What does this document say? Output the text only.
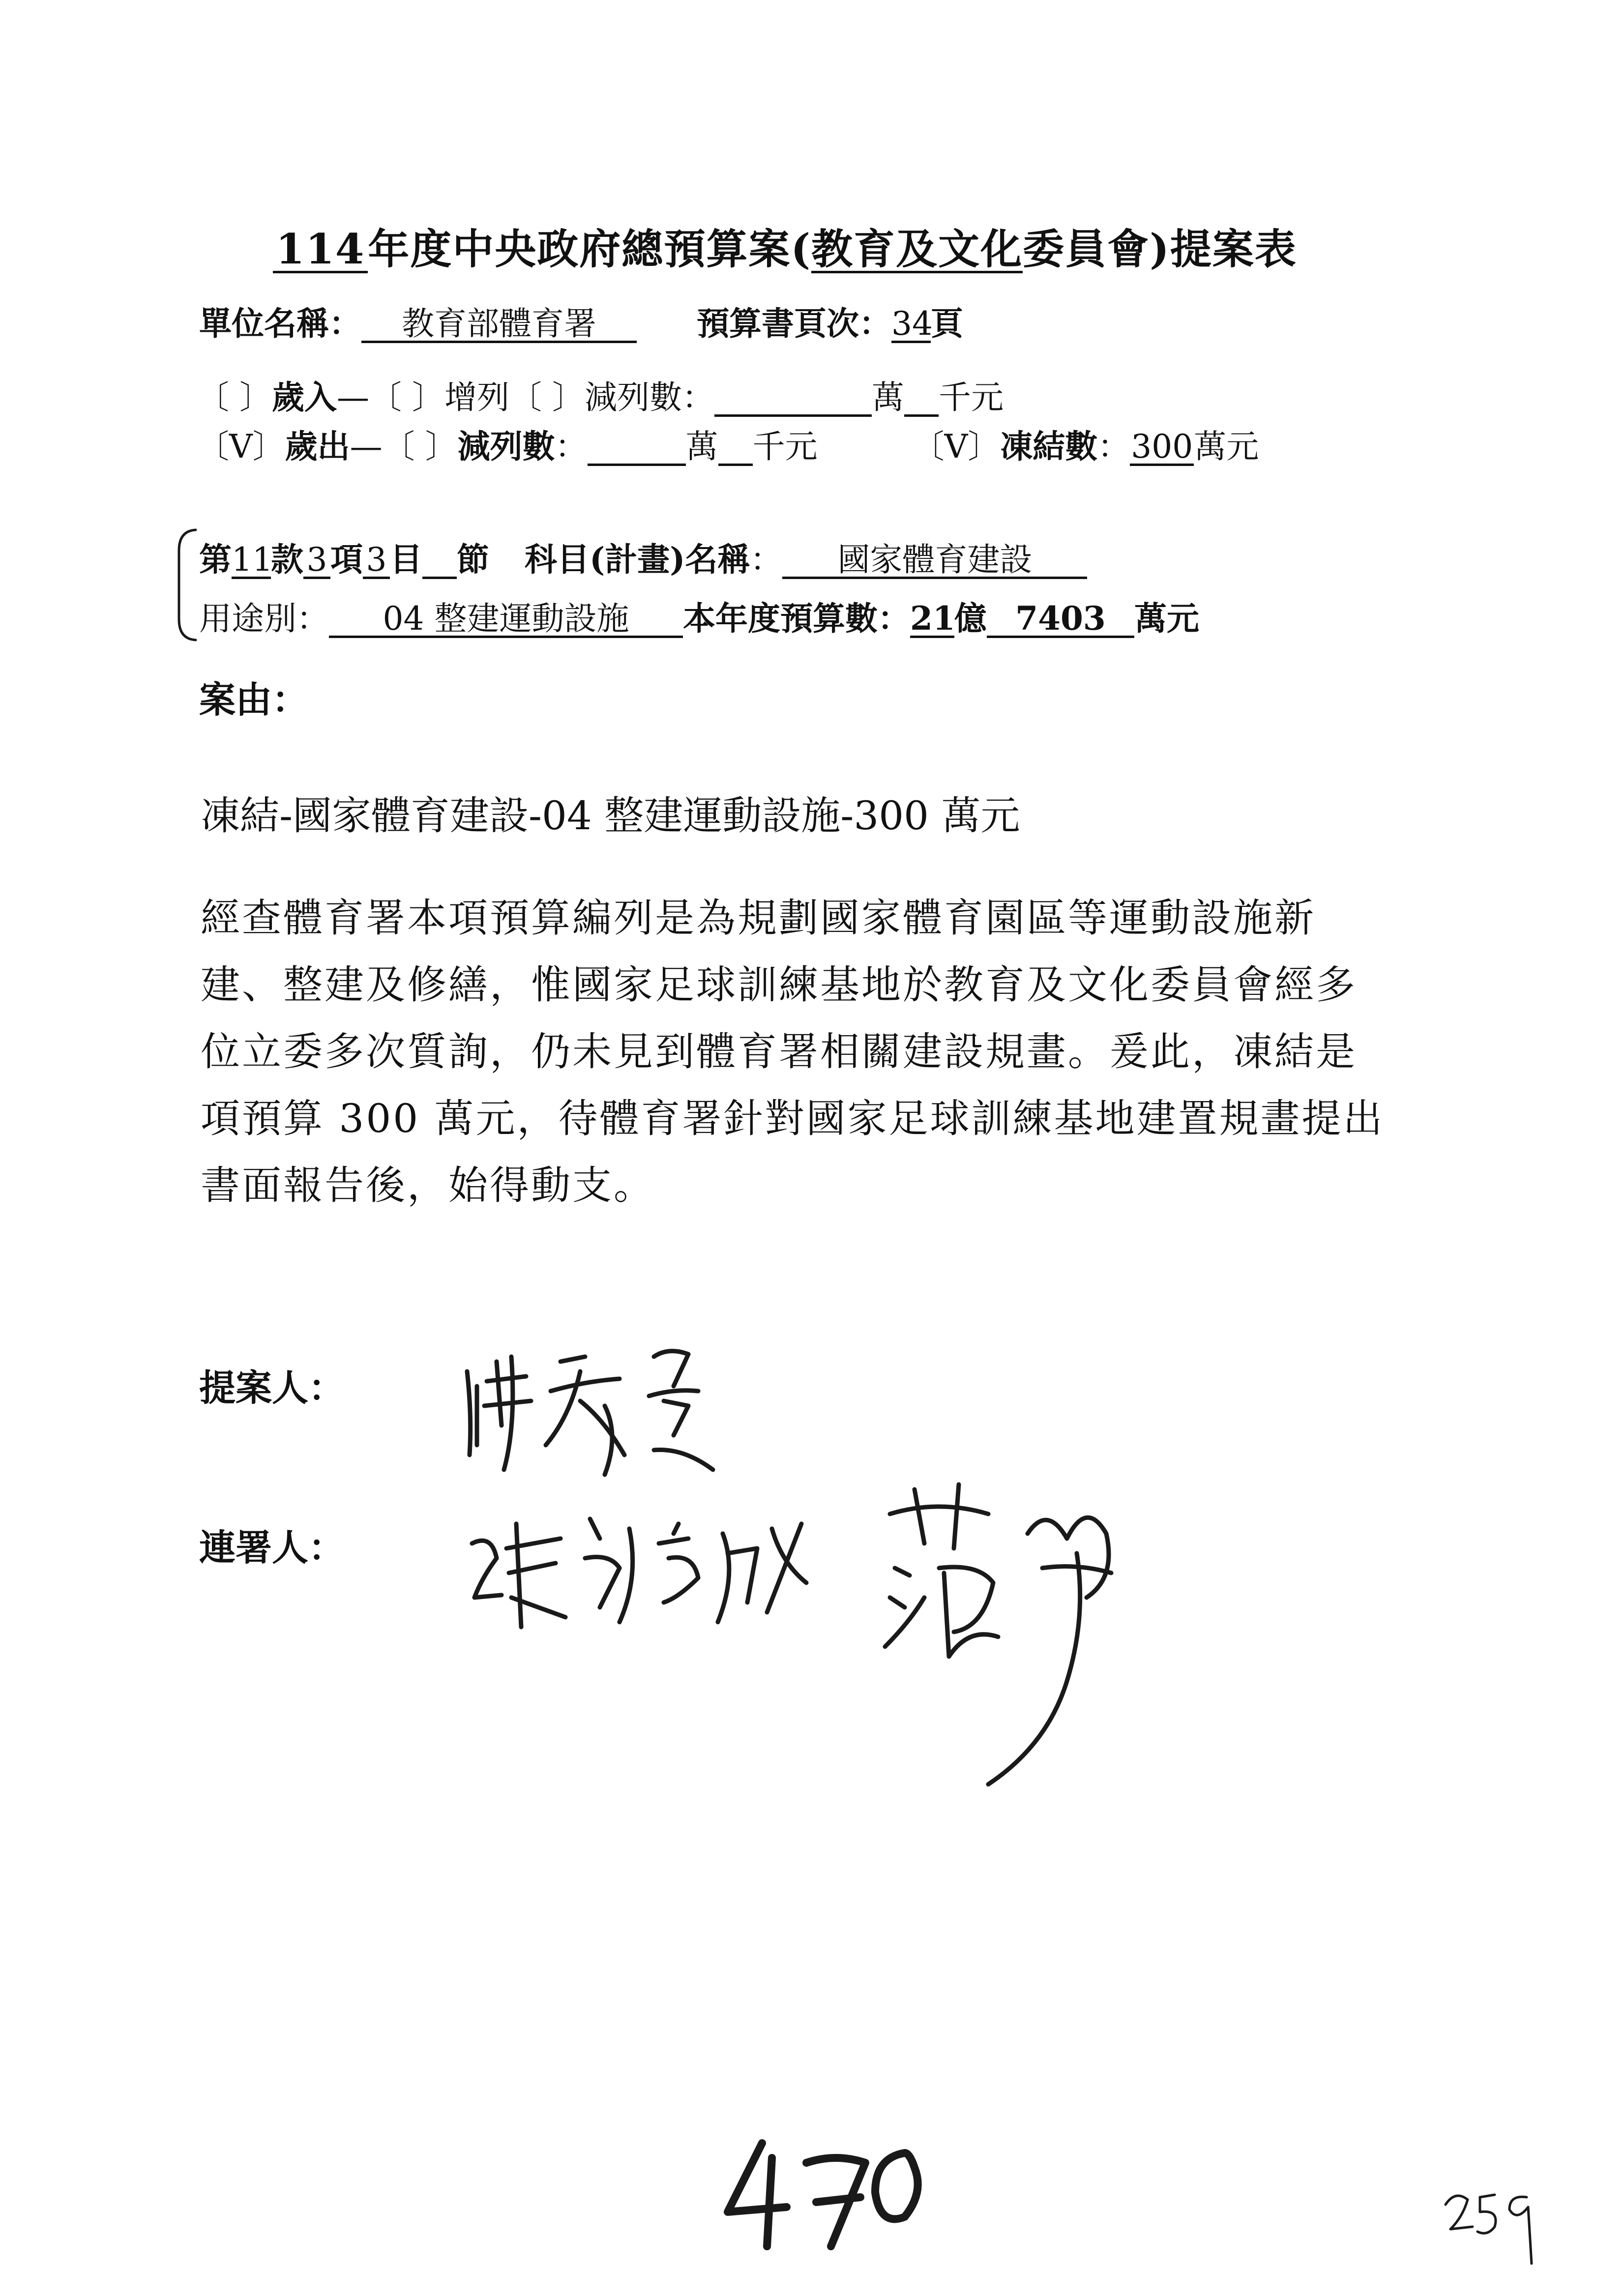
114年度中央政府總預算案(教育及文化委員會)提案表
單位名稱： 教育部體育署	預算書頁次：34頁
〔 〕歲入—〔 〕增列〔 〕減列數：	萬 千元
〔V〕歲出—〔 〕減列數：	萬 千元	〔V〕凍結數：300萬元
第11款3項3目 節 科目(計畫)名稱： 國家體育建設
用途別： 04 整建運動設施 本年度預算數：21億 7403 萬元
案由：
凍結-國家體育建設-04 整建運動設施-300 萬元
經查體育署本項預算編列是為規劃國家體育園區等運動設施新建、整建及修繕，惟國家足球訓練基地於教育及文化委員會經多位立委多次質詢，仍未見到體育署相關建設規畫。爰此，凍結是項預算 300 萬元，待體育署針對國家足球訓練基地建置規畫提出書面報告後，始得動支。
提案人：
連署人：
